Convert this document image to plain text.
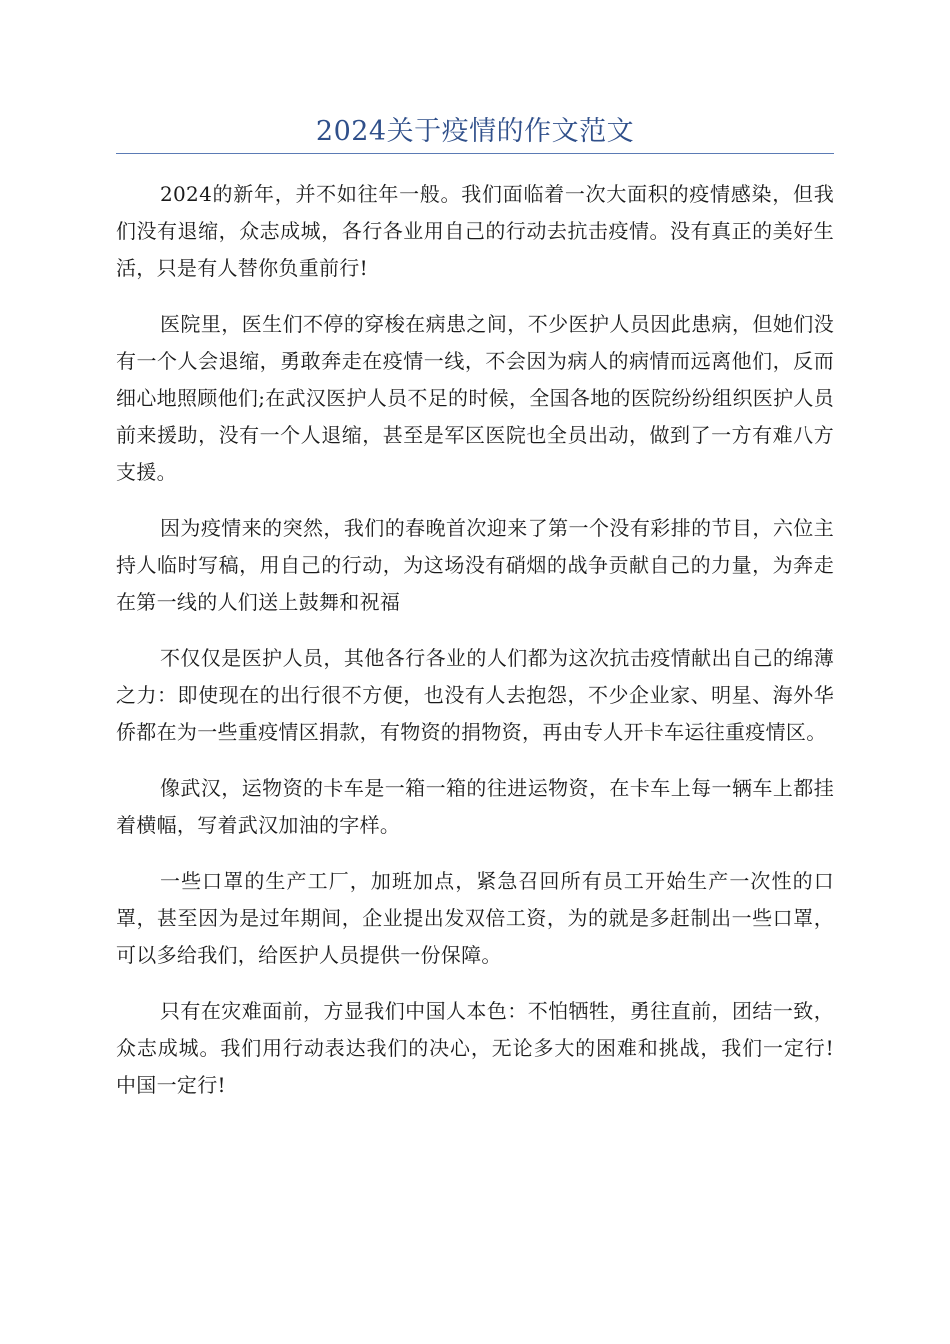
2024关于疫情的作文范文

2024的新年，并不如往年一般。我们面临着一次大面积的疫情感染，但我们没有退缩，众志成城，各行各业用自己的行动去抗击疫情。没有真正的美好生活，只是有人替你负重前行!

医院里，医生们不停的穿梭在病患之间，不少医护人员因此患病，但她们没有一个人会退缩，勇敢奔走在疫情一线，不会因为病人的病情而远离他们，反而细心地照顾他们;在武汉医护人员不足的时候，全国各地的医院纷纷组织医护人员前来援助，没有一个人退缩，甚至是军区医院也全员出动，做到了一方有难八方支援。

因为疫情来的突然，我们的春晚首次迎来了第一个没有彩排的节目，六位主持人临时写稿，用自己的行动，为这场没有硝烟的战争贡献自己的力量，为奔走在第一线的人们送上鼓舞和祝福

不仅仅是医护人员，其他各行各业的人们都为这次抗击疫情献出自己的绵薄之力：即使现在的出行很不方便，也没有人去抱怨，不少企业家、明星、海外华侨都在为一些重疫情区捐款，有物资的捐物资，再由专人开卡车运往重疫情区。

像武汉，运物资的卡车是一箱一箱的往进运物资，在卡车上每一辆车上都挂着横幅，写着武汉加油的字样。

一些口罩的生产工厂，加班加点，紧急召回所有员工开始生产一次性的口罩，甚至因为是过年期间，企业提出发双倍工资，为的就是多赶制出一些口罩，可以多给我们，给医护人员提供一份保障。

只有在灾难面前，方显我们中国人本色：不怕牺牲，勇往直前，团结一致，众志成城。我们用行动表达我们的决心，无论多大的困难和挑战，我们一定行!中国一定行!
